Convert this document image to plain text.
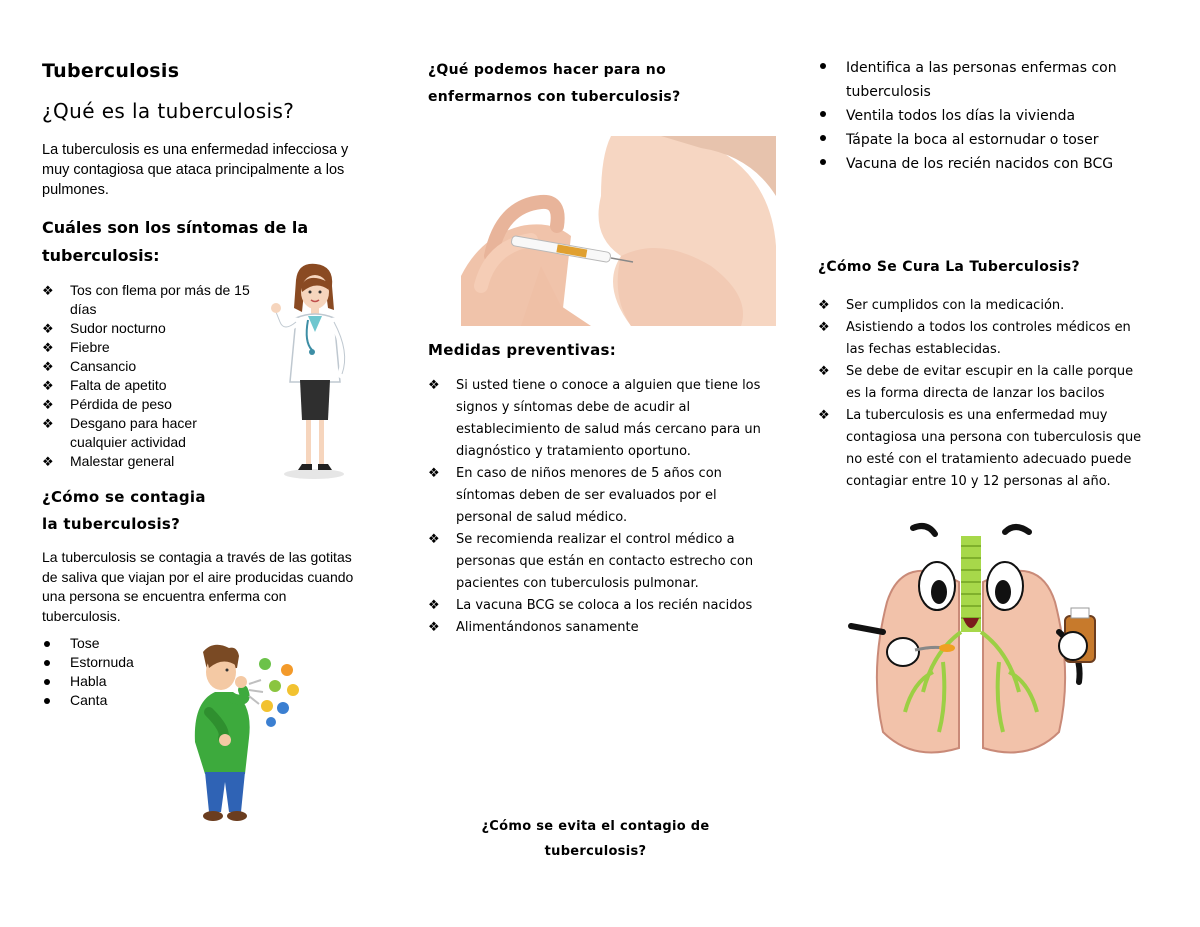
Tuberculosis
¿Qué es la tuberculosis?
La tuberculosis es una enfermedad infecciosa y muy contagiosa que ataca principalmente a los pulmones.
Cuáles son los síntomas de la
tuberculosis:
❖ Tos con flema por más de 15 días
❖ Sudor nocturno
❖ Fiebre
❖ Cansancio
❖ Falta de apetito
❖ Pérdida de peso
❖ Desgano para hacer cualquier actividad
❖ Malestar general
¿Cómo se contagia
la tuberculosis?
La tuberculosis se contagia a través de las gotitas de saliva que viajan por el aire producidas cuando una persona se encuentra enferma con tuberculosis.
Tose
Estornuda
Habla
Canta
¿Qué podemos hacer para no
enfermarnos con tuberculosis?
Medidas preventivas:
❖ Si usted tiene o conoce a alguien que tiene los signos y síntomas debe de acudir al establecimiento de salud más cercano para un diagnóstico y tratamiento oportuno.
❖ En caso de niños menores de 5 años con síntomas deben de ser evaluados por el personal de salud médico.
❖ Se recomienda realizar el control médico a personas que están en contacto estrecho con pacientes con tuberculosis pulmonar.
❖ La vacuna BCG se coloca a los recién nacidos
❖ Alimentándonos sanamente
¿Cómo se evita el contagio de
tuberculosis?
Identifica a las personas enfermas con tuberculosis
Ventila todos los días la vivienda
Tápate la boca al estornudar o toser
Vacuna de los recién nacidos con BCG
¿Cómo Se Cura La Tuberculosis?
❖ Ser cumplidos con la medicación.
❖ Asistiendo a todos los controles médicos en las fechas establecidas.
❖ Se debe de evitar escupir en la calle porque es la forma directa de lanzar los bacilos
❖ La tuberculosis es una enfermedad muy contagiosa una persona con tuberculosis que no esté con el tratamiento adecuado puede contagiar entre 10 y 12 personas al año.
